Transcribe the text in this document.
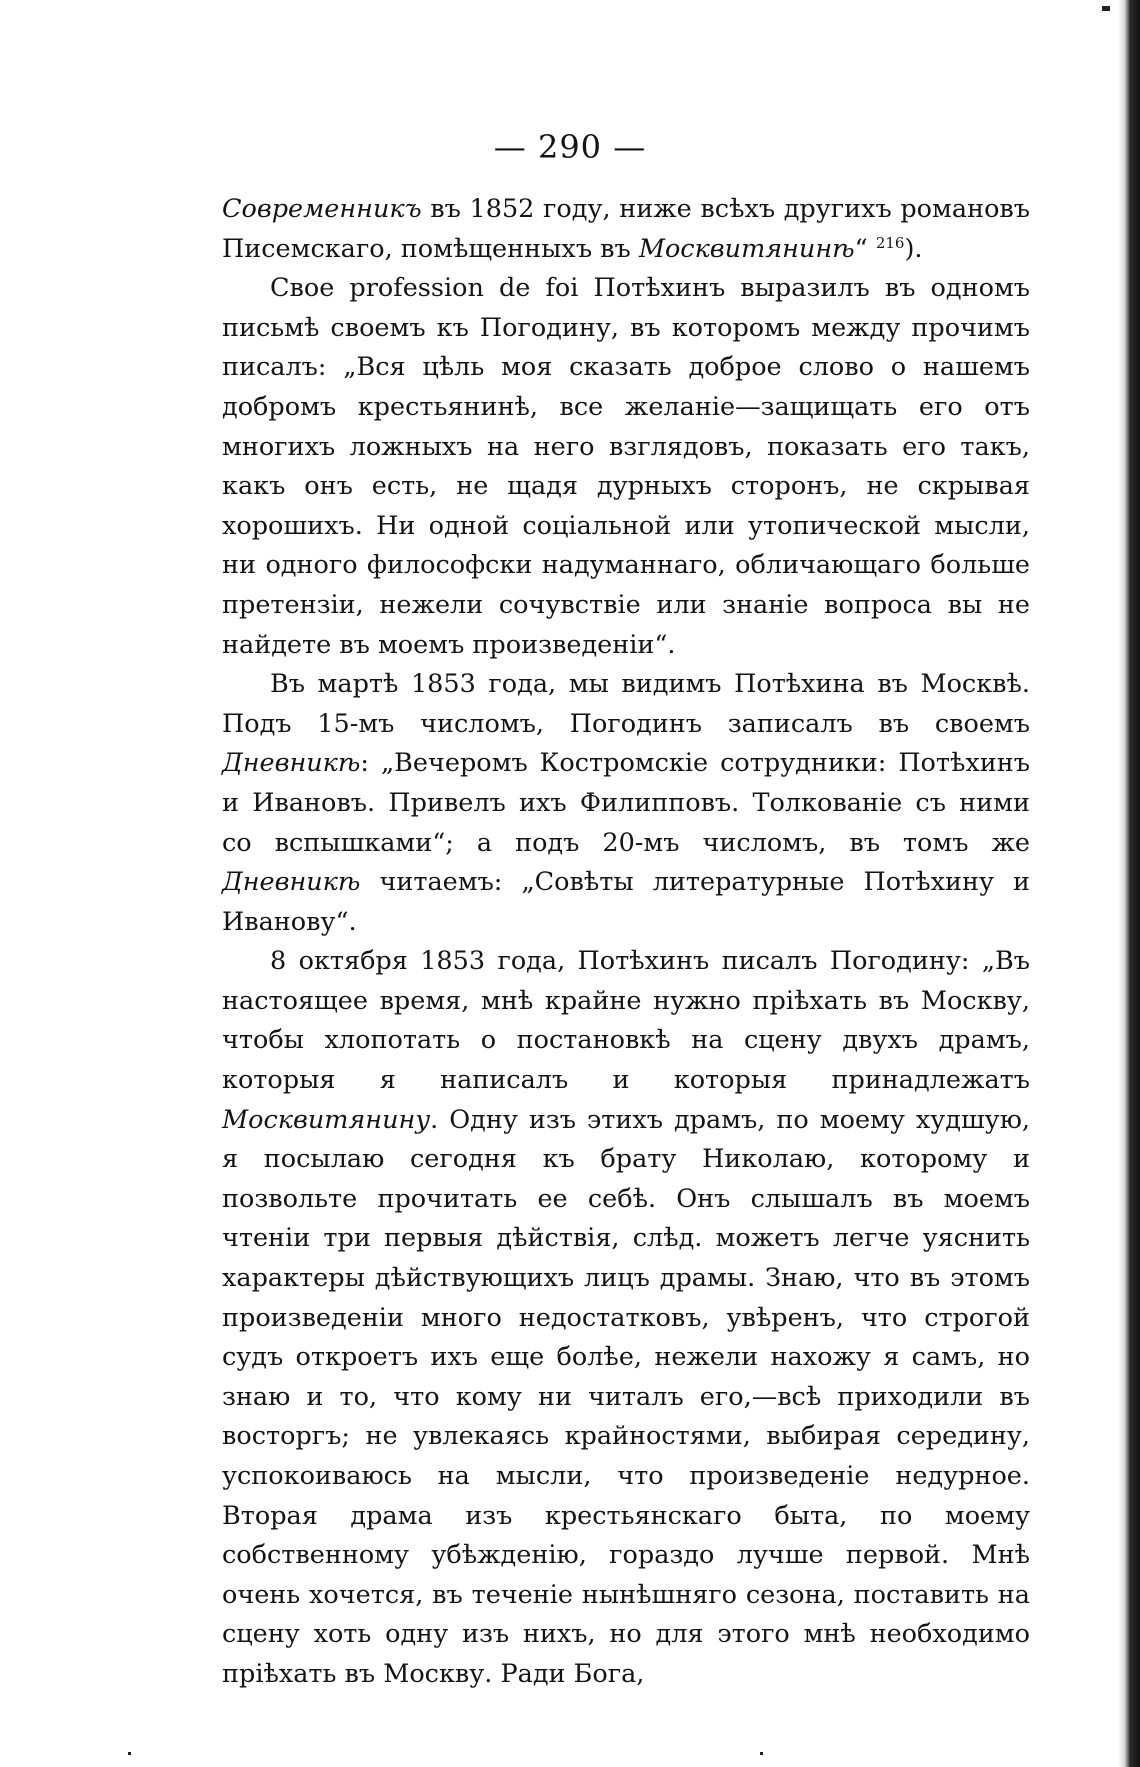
— 290 —

Современникъ въ 1852 году, ниже всѣхъ другихъ романовъ Писемскаго, помѣщенныхъ въ Москвитянинѣ“ $^{216}$).

Свое profession de foi Потѣхинъ выразилъ въ одномъ письмѣ своемъ къ Погодину, въ которомъ между прочимъ писалъ: „Вся цѣль моя сказать доброе слово о нашемъ добромъ крестьянинѣ, все желаніе—защищать его отъ многихъ ложныхъ на него взглядовъ, показать его такъ, какъ онъ есть, не щадя дурныхъ сторонъ, не скрывая хорошихъ. Ни одной соціальной или утопической мысли, ни одного философски надуманнаго, обличающаго больше претензіи, нежели сочувствіе или знаніе вопроса вы не найдете въ моемъ произведеніи“.

Въ мартѣ 1853 года, мы видимъ Потѣхина въ Москвѣ. Подъ 15-мъ числомъ, Погодинъ записалъ въ своемъ Дневникѣ: „Вечеромъ Костромскіе сотрудники: Потѣхинъ и Ивановъ. Привелъ ихъ Филипповъ. Толкованіе съ ними со вспышками“; а подъ 20-мъ числомъ, въ томъ же Дневникѣ читаемъ: „Совѣты литературные Потѣхину и Иванову“.

8 октября 1853 года, Потѣхинъ писалъ Погодину: „Въ настоящее время, мнѣ крайне нужно пріѣхать въ Москву, чтобы хлопотать о постановкѣ на сцену двухъ драмъ, которыя я написалъ и которыя принадлежатъ Москвитянину. Одну изъ этихъ драмъ, по моему худшую, я посылаю сегодня къ брату Николаю, которому и позвольте прочитать ее себѣ. Онъ слышалъ въ моемъ чтеніи три первыя дѣйствія, слѣд. можетъ легче уяснить характеры дѣйствующихъ лицъ драмы. Знаю, что въ этомъ произведеніи много недостатковъ, увѣренъ, что строгой судъ откроетъ ихъ еще болѣе, нежели нахожу я самъ, но знаю и то, что кому ни читалъ его,—всѣ приходили въ восторгъ; не увлекаясь крайностями, выбирая середину, успокоиваюсь на мысли, что произведеніе недурное. Вторая драма изъ крестьянскаго быта, по моему собственному убѣжденію, гораздо лучше первой. Мнѣ очень хочется, въ теченіе нынѣшняго сезона, поставить на сцену хоть одну изъ нихъ, но для этого мнѣ необходимо пріѣхать въ Москву. Ради Бога,
